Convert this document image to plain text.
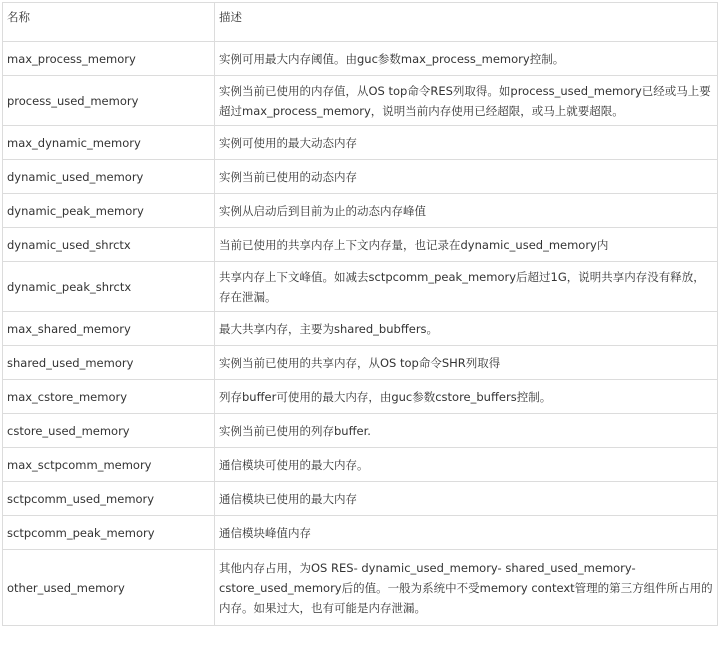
名称	描述
max_process_memory	实例可用最大内存阈值。由guc参数max_process_memory控制。
process_used_memory	实例当前已使用的内存值，从OS top命令RES列取得。如process_used_memory已经或马上要超过max_process_memory，说明当前内存使用已经超限，或马上就要超限。
max_dynamic_memory	实例可使用的最大动态内存
dynamic_used_memory	实例当前已使用的动态内存
dynamic_peak_memory	实例从启动后到目前为止的动态内存峰值
dynamic_used_shrctx	当前已使用的共享内存上下文内存量，也记录在dynamic_used_memory内
dynamic_peak_shrctx	共享内存上下文峰值。如减去sctpcomm_peak_memory后超过1G，说明共享内存没有释放，存在泄漏。
max_shared_memory	最大共享内存，主要为shared_bubffers。
shared_used_memory	实例当前已使用的共享内存，从OS top命令SHR列取得
max_cstore_memory	列存buffer可使用的最大内存，由guc参数cstore_buffers控制。
cstore_used_memory	实例当前已使用的列存buffer.
max_sctpcomm_memory	通信模块可使用的最大内存。
sctpcomm_used_memory	通信模块已使用的最大内存
sctpcomm_peak_memory	通信模块峰值内存
other_used_memory	其他内存占用，为OS RES- dynamic_used_memory- shared_used_memory- cstore_used_memory后的值。一般为系统中不受memory context管理的第三方组件所占用的内存。如果过大，也有可能是内存泄漏。
